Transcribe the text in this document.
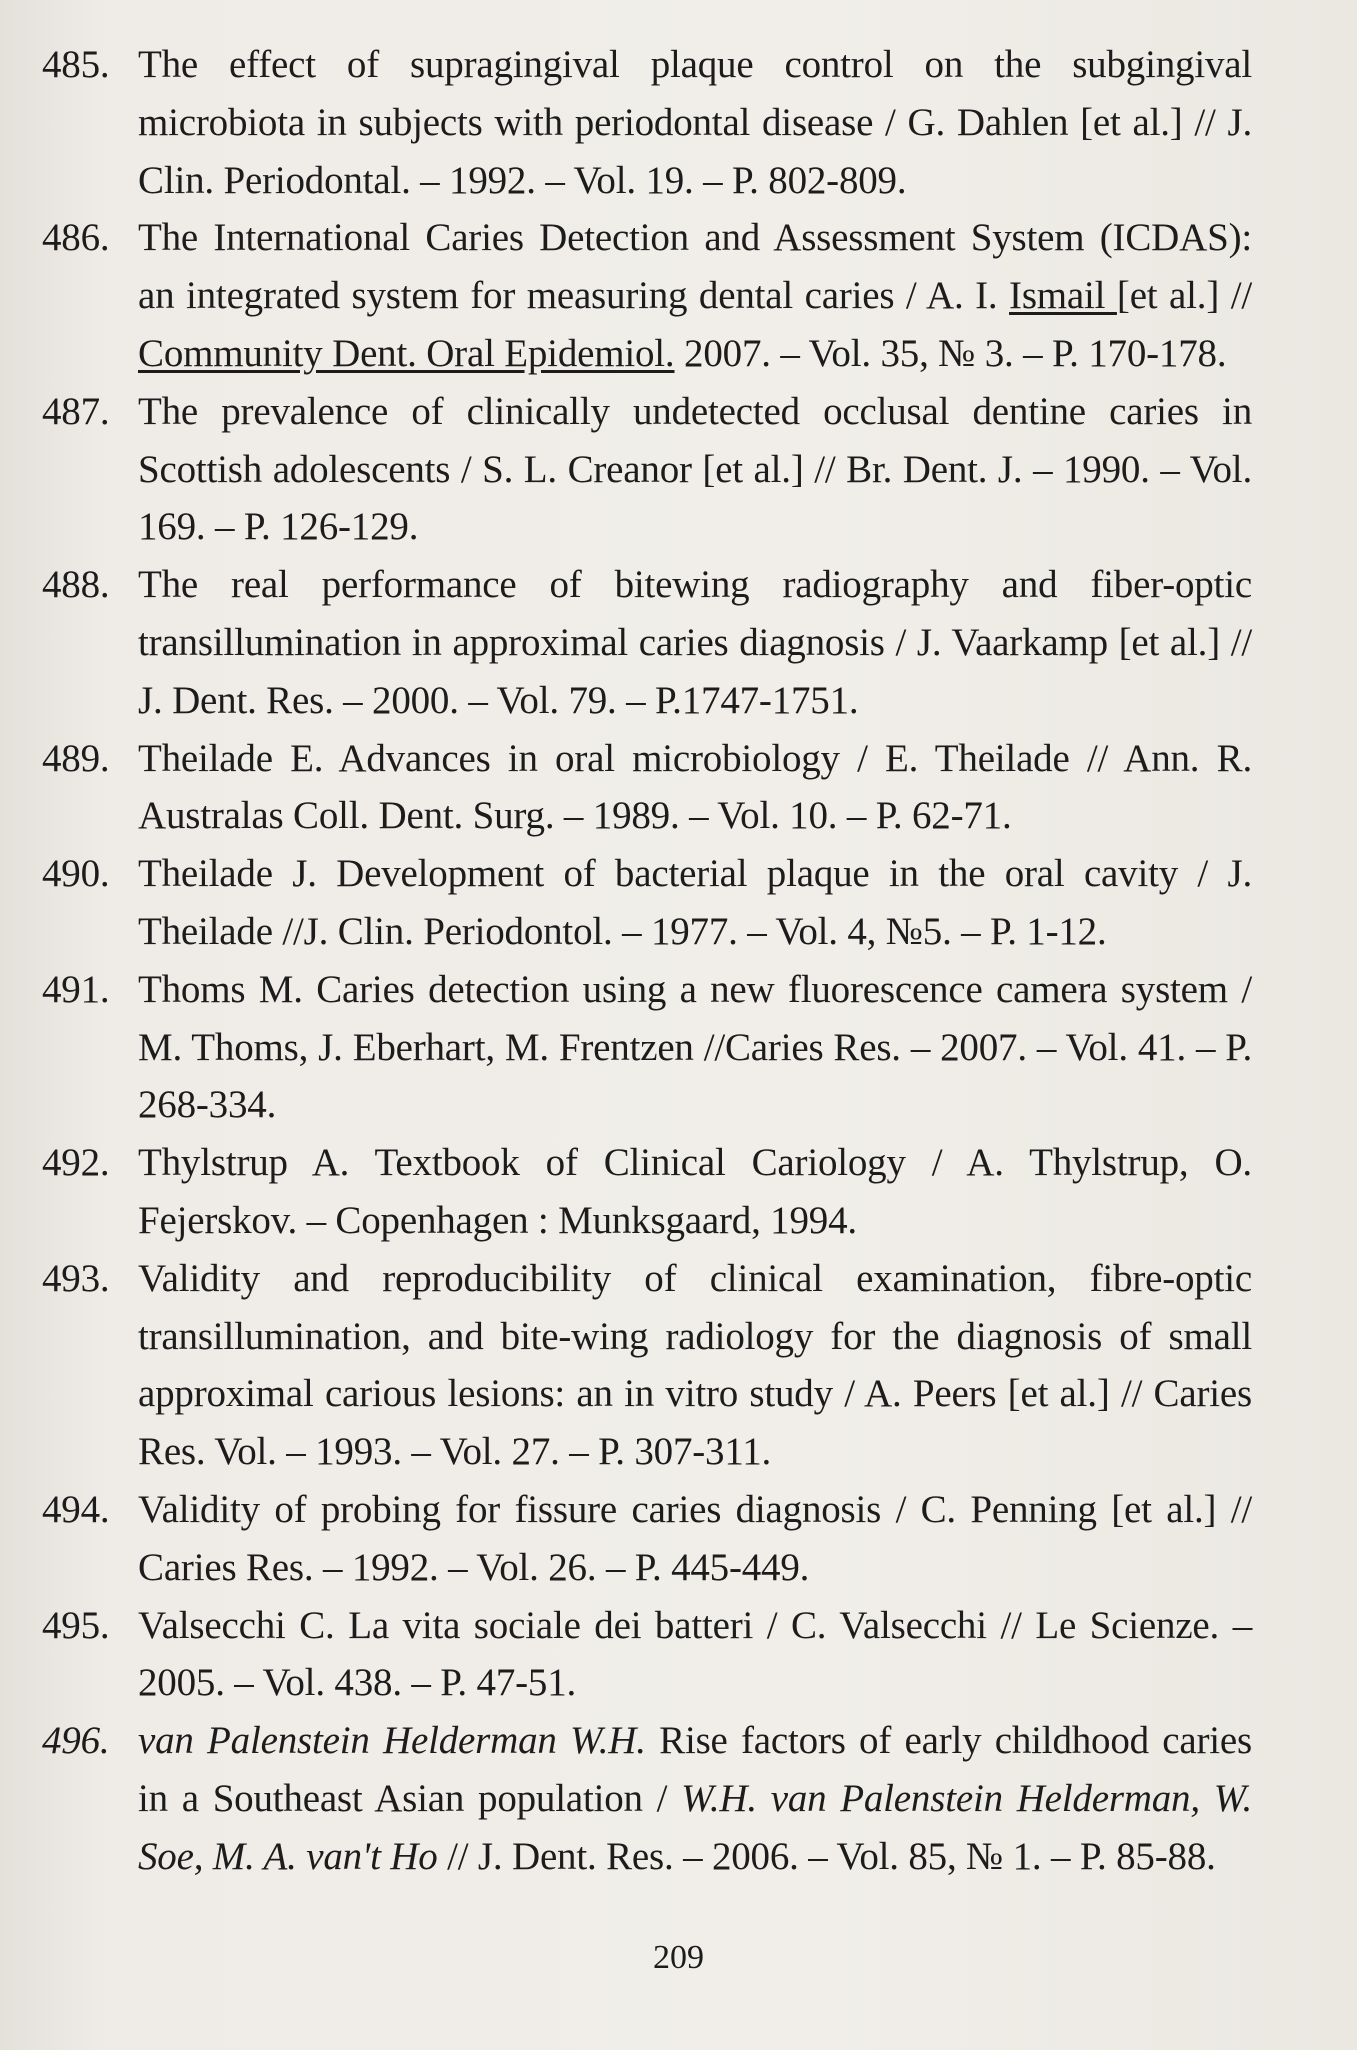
485. The effect of supragingival plaque control on the subgingival microbiota in subjects with periodontal disease / G. Dahlen [et al.] // J. Clin. Periodontal. – 1992. – Vol. 19. – P. 802-809.
486. The International Caries Detection and Assessment System (ICDAS): an integrated system for measuring dental caries / A. I. Ismail [et al.] // Community Dent. Oral Epidemiol. 2007. – Vol. 35, № 3. – P. 170-178.
487. The prevalence of clinically undetected occlusal dentine caries in Scottish adolescents / S. L. Creanor [et al.] // Br. Dent. J. – 1990. – Vol. 169. – P. 126-129.
488. The real performance of bitewing radiography and fiber-optic transillumination in approximal caries diagnosis / J. Vaarkamp [et al.] // J. Dent. Res. – 2000. – Vol. 79. – P.1747-1751.
489. Theilade E. Advances in oral microbiology / E. Theilade // Ann. R. Australas Coll. Dent. Surg. – 1989. – Vol. 10. – P. 62-71.
490. Theilade J. Development of bacterial plaque in the oral cavity / J. Theilade //J. Clin. Periodontol. – 1977. – Vol. 4, №5. – P. 1-12.
491. Thoms M. Caries detection using a new fluorescence camera system / M. Thoms, J. Eberhart, M. Frentzen //Caries Res. – 2007. – Vol. 41. – P. 268-334.
492. Thylstrup A. Textbook of Clinical Cariology / A. Thylstrup, O. Fejerskov. – Copenhagen : Munksgaard, 1994.
493. Validity and reproducibility of clinical examination, fibre-optic transillumination, and bite-wing radiology for the diagnosis of small approximal carious lesions: an in vitro study / A. Peers [et al.] // Caries Res. Vol. – 1993. – Vol. 27. – P. 307-311.
494. Validity of probing for fissure caries diagnosis / C. Penning [et al.] // Caries Res. – 1992. – Vol. 26. – P. 445-449.
495. Valsecchi C. La vita sociale dei batteri / C. Valsecchi // Le Scienze. – 2005. – Vol. 438. – P. 47-51.
496. van Palenstein Helderman W.H. Rise factors of early childhood caries in a Southeast Asian population / W.H. van Palenstein Helderman, W. Soe, M. A. van't Ho // J. Dent. Res. – 2006. – Vol. 85, № 1. – P. 85-88.
209
